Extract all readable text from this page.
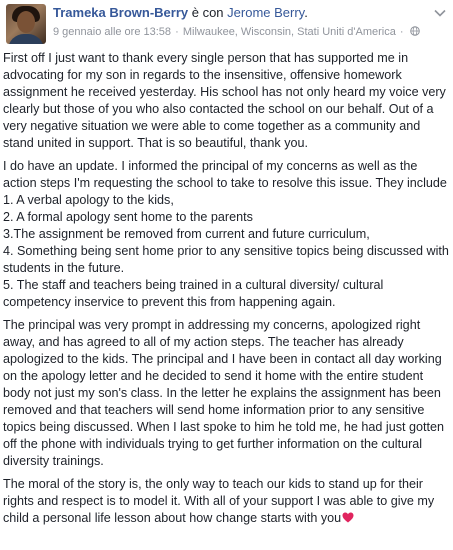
Trameka Brown-Berry è con Jerome Berry.
9 gennaio alle ore 13:58 · Milwaukee, Wisconsin, Stati Uniti d'America ·

First off I just want to thank every single person that has supported me in advocating for my son in regards to the insensitive, offensive homework assignment he received yesterday. His school has not only heard my voice very clearly but those of you who also contacted the school on our behalf. Out of a very negative situation we were able to come together as a community and stand united in support. That is so beautiful, thank you.

I do have an update. I informed the principal of my concerns as well as the action steps I'm requesting the school to take to resolve this issue. They include
1. A verbal apology to the kids,
2. A formal apology sent home to the parents
3.The assignment be removed from current and future curriculum,
4. Something being sent home prior to any sensitive topics being discussed with students in the future.
5. The staff and teachers being trained in a cultural diversity/ cultural competency inservice to prevent this from happening again.

The principal was very prompt in addressing my concerns, apologized right away, and has agreed to all of my action steps. The teacher has already apologized to the kids. The principal and I have been in contact all day working on the apology letter and he decided to send it home with the entire student body not just my son's class. In the letter he explains the assignment has been removed and that teachers will send home information prior to any sensitive topics being discussed. When I last spoke to him he told me, he had just gotten off the phone with individuals trying to get further information on the cultural diversity trainings.

The moral of the story is, the only way to teach our kids to stand up for their rights and respect is to model it. With all of your support I was able to give my child a personal life lesson about how change starts with you
